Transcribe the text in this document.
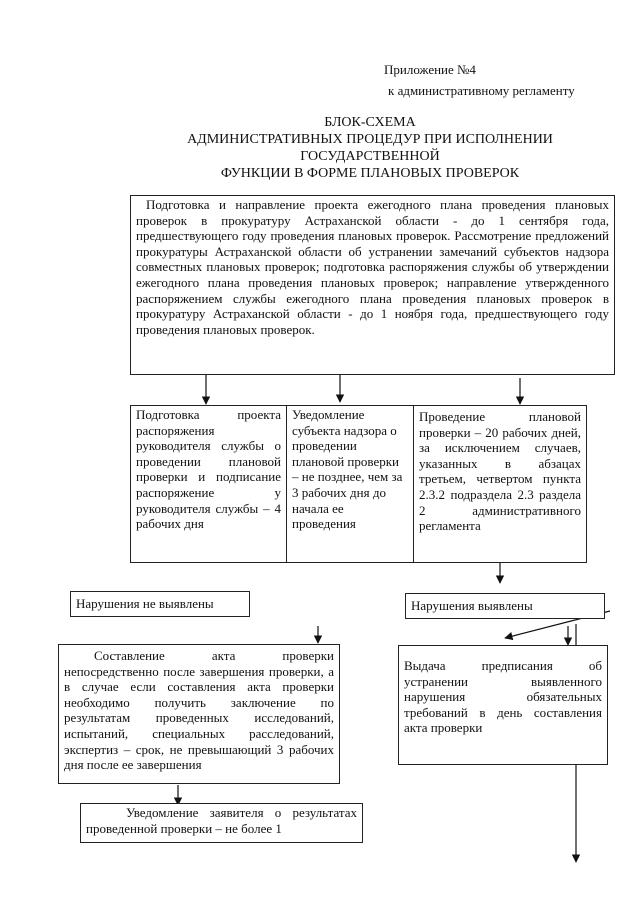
Приложение №4
к административному регламенту
БЛОК-СХЕМА
АДМИНИСТРАТИВНЫХ ПРОЦЕДУР ПРИ ИСПОЛНЕНИИ
ГОСУДАРСТВЕННОЙ
ФУНКЦИИ В ФОРМЕ ПЛАНОВЫХ ПРОВЕРОК
Подготовка и направление проекта ежегодного плана проведения плановых проверок в прокуратуру Астраханской области - до 1 сентября года, предшествующего году проведения плановых проверок. Рассмотрение предложений прокуратуры Астраханской области об устранении замечаний субъектов надзора совместных плановых проверок; подготовка распоряжения службы об утверждении ежегодного плана проведения плановых проверок; направление утвержденного распоряжением службы ежегодного плана проведения плановых проверок в прокуратуру Астраханской области - до 1 ноября года, предшествующего году проведения плановых проверок.
Подготовка проекта распоряжения руководителя службы о проведении плановой проверки и подписание распоряжение у руководителя службы – 4 рабочих дня
Уведомление субъекта надзора о проведении плановой проверки – не позднее, чем за 3 рабочих дня до начала ее проведения
Проведение плановой проверки – 20 рабочих дней, за исключением случаев, указанных в абзацах третьем, четвертом пункта 2.3.2 подраздела 2.3 раздела 2 административного регламента
Нарушения не выявлены	Нарушения выявлены
Составление акта проверки непосредственно после завершения проверки, а в случае если составления акта проверки необходимо получить заключение по результатам проведенных исследований, испытаний, специальных расследований, экспертиз – срок, не превышающий 3 рабочих дня после ее завершения
Выдача предписания об устранении выявленного нарушения обязательных требований в день составления акта проверки
Уведомление заявителя о результатах проведенной проверки – не более 1
